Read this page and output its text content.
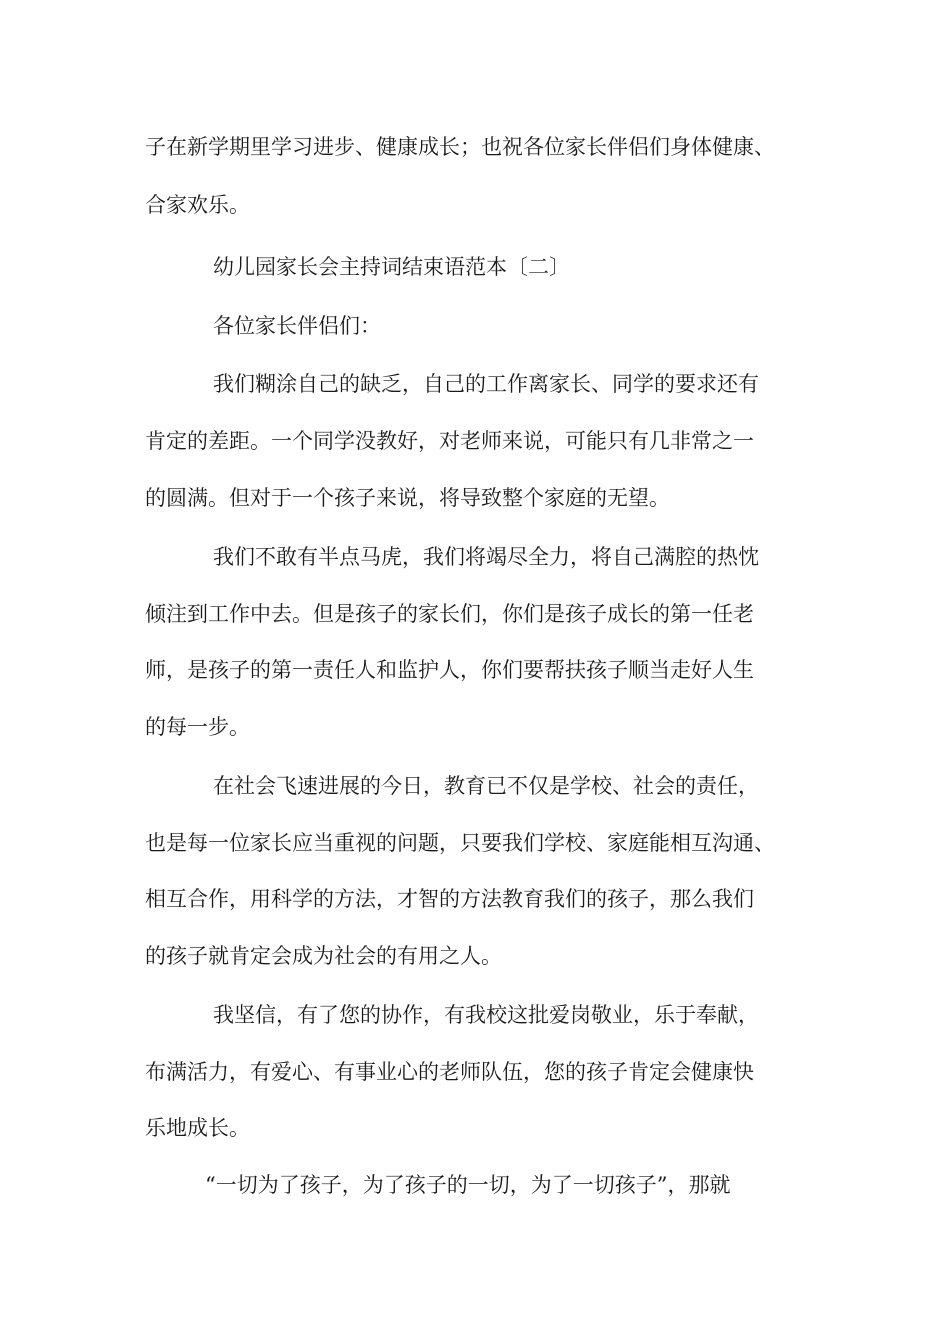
子在新学期里学习进步、健康成长；也祝各位家长伴侣们身体健康、

合家欢乐。

幼儿园家长会主持词结束语范本〔二〕

各位家长伴侣们：

我们糊涂自己的缺乏，自己的工作离家长、同学的要求还有

肯定的差距。一个同学没教好，对老师来说，可能只有几非常之一

的圆满。但对于一个孩子来说，将导致整个家庭的无望。

我们不敢有半点马虎，我们将竭尽全力，将自己满腔的热忱

倾注到工作中去。但是孩子的家长们，你们是孩子成长的第一任老

师，是孩子的第一责任人和监护人，你们要帮扶孩子顺当走好人生

的每一步。

在社会飞速进展的今日，教育已不仅是学校、社会的责任，

也是每一位家长应当重视的问题，只要我们学校、家庭能相互沟通、

相互合作，用科学的方法，才智的方法教育我们的孩子，那么我们

的孩子就肯定会成为社会的有用之人。

我坚信，有了您的协作，有我校这批爱岗敬业，乐于奉献，

布满活力，有爱心、有事业心的老师队伍，您的孩子肯定会健康快

乐地成长。

“一切为了孩子，为了孩子的一切，为了一切孩子”，那就
